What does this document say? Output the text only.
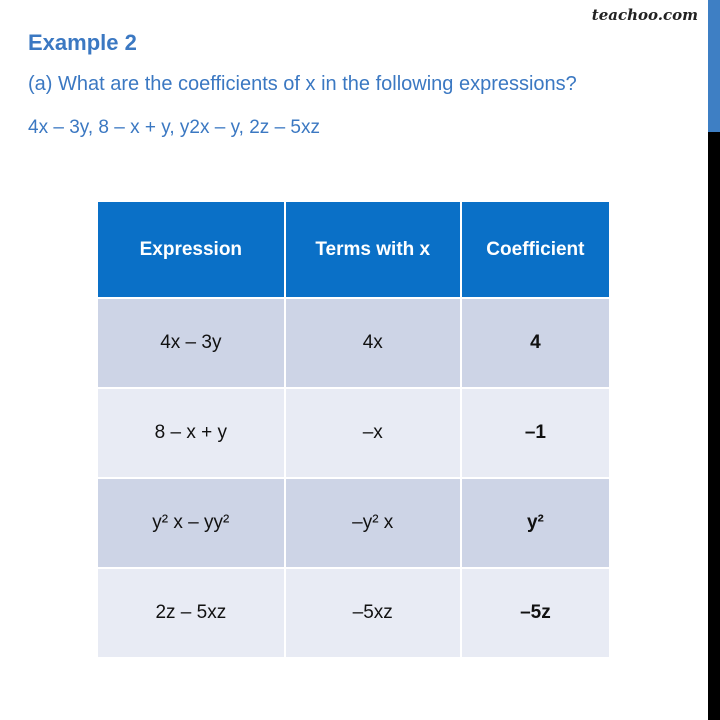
teachoo.com
Example 2
(a) What are the coefficients of x in the following expressions?
4x – 3y, 8 – x + y, y2x – y, 2z – 5xz
Expression	Terms with x	Coefficient
4x – 3y	4x	4
8 – x + y	–x	–1
y² x – yy²	–y² x	y²
2z – 5xz	–5xz	–5z
